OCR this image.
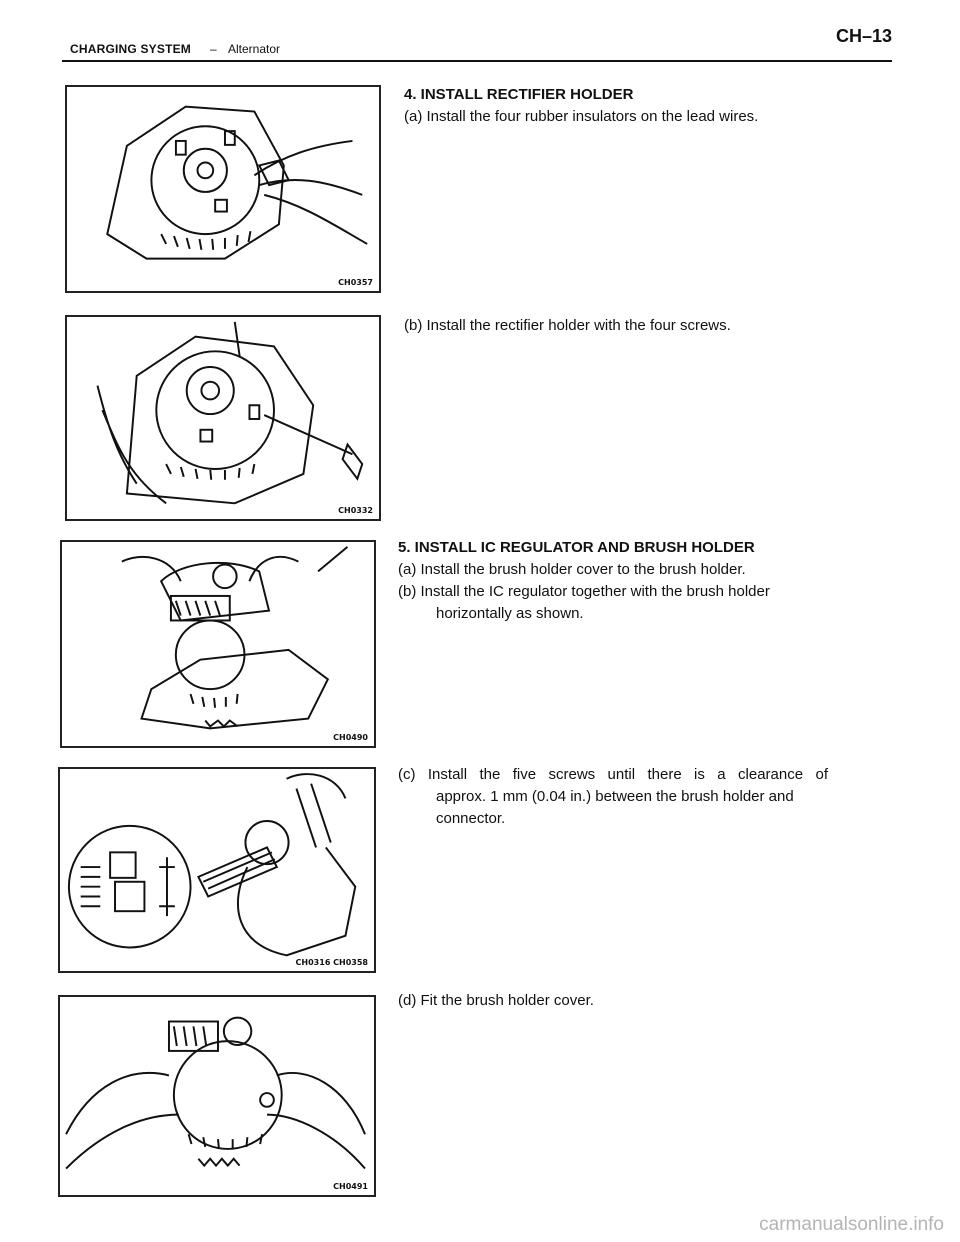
CHARGING SYSTEM – Alternator
CH–13
CH0357
CH0332
CH0490
CH0316 CH0358
CH0491
4. INSTALL RECTIFIER HOLDER
(a) Install the four rubber insulators on the lead wires.
(b) Install the rectifier holder with the four screws.
5. INSTALL IC REGULATOR AND BRUSH HOLDER
(a) Install the brush holder cover to the brush holder.
(b) Install the IC regulator together with the brush holder
horizontally as shown.
(c) Install the five screws until there is a clearance of
approx. 1 mm (0.04 in.) between the brush holder and
connector.
(d) Fit the brush holder cover.
carmanualsonline.info
